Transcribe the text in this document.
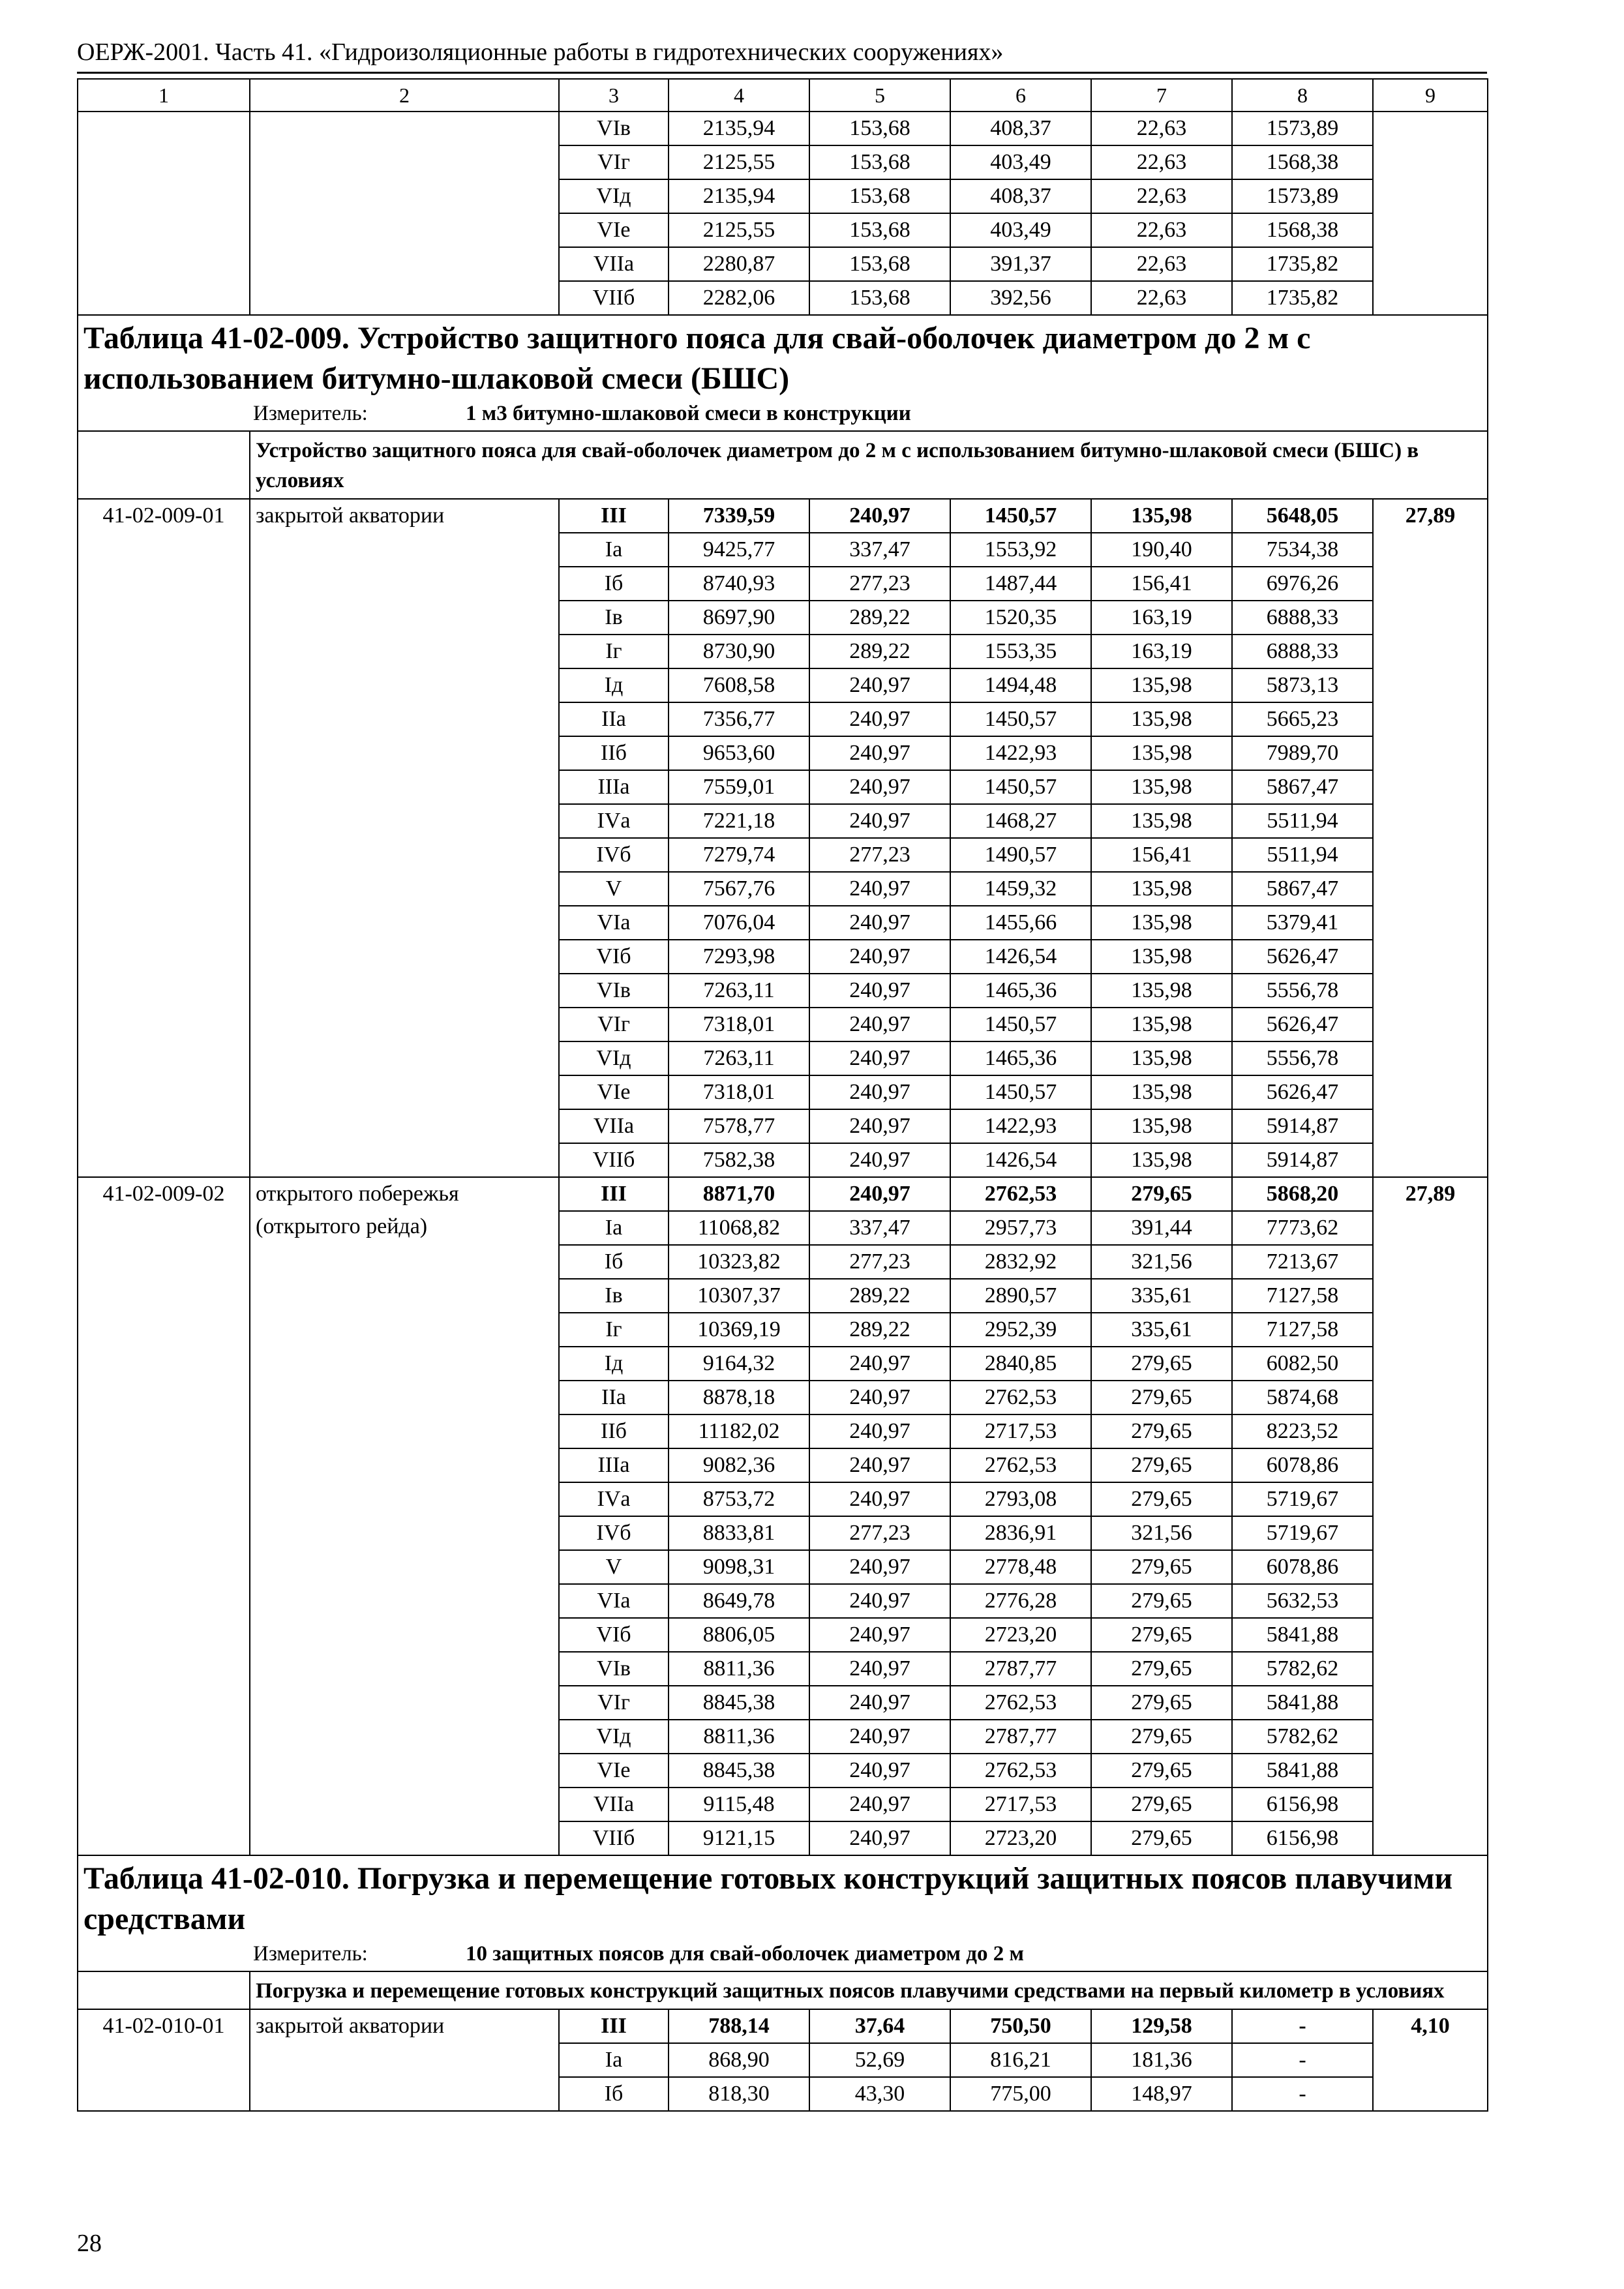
ОЕРЖ-2001. Часть 41. «Гидроизоляционные работы в гидротехнических сооружениях»
1	2	3	4	5	6	7	8	9
		VIв	2135,94	153,68	408,37	22,63	1573,89	
		VIг	2125,55	153,68	403,49	22,63	1568,38	
		VIд	2135,94	153,68	408,37	22,63	1573,89	
		VIе	2125,55	153,68	403,49	22,63	1568,38	
		VIIа	2280,87	153,68	391,37	22,63	1735,82	
		VIIб	2282,06	153,68	392,56	22,63	1735,82	
Таблица 41-02-009. Устройство защитного пояса для свай-оболочек диаметром до 2 м с использованием битумно-шлаковой смеси (БШС)								
Измеритель: 1 м3 битумно-шлаковой смеси в конструкции								
	Устройство защитного пояса для свай-оболочек диаметром до 2 м с использованием битумно-шлаковой смеси (БШС) в условиях							
41-02-009-01	закрытой акватории	III	7339,59	240,97	1450,57	135,98	5648,05	27,89
		Iа	9425,77	337,47	1553,92	190,40	7534,38	
		Iб	8740,93	277,23	1487,44	156,41	6976,26	
		Iв	8697,90	289,22	1520,35	163,19	6888,33	
		Iг	8730,90	289,22	1553,35	163,19	6888,33	
		Iд	7608,58	240,97	1494,48	135,98	5873,13	
		IIа	7356,77	240,97	1450,57	135,98	5665,23	
		IIб	9653,60	240,97	1422,93	135,98	7989,70	
		IIIа	7559,01	240,97	1450,57	135,98	5867,47	
		IVа	7221,18	240,97	1468,27	135,98	5511,94	
		IVб	7279,74	277,23	1490,57	156,41	5511,94	
		V	7567,76	240,97	1459,32	135,98	5867,47	
		VIа	7076,04	240,97	1455,66	135,98	5379,41	
		VIб	7293,98	240,97	1426,54	135,98	5626,47	
		VIв	7263,11	240,97	1465,36	135,98	5556,78	
		VIг	7318,01	240,97	1450,57	135,98	5626,47	
		VIд	7263,11	240,97	1465,36	135,98	5556,78	
		VIе	7318,01	240,97	1450,57	135,98	5626,47	
		VIIа	7578,77	240,97	1422,93	135,98	5914,87	
		VIIб	7582,38	240,97	1426,54	135,98	5914,87	
41-02-009-02	открытого побережья (открытого рейда)	III	8871,70	240,97	2762,53	279,65	5868,20	27,89
		Iа	11068,82	337,47	2957,73	391,44	7773,62	
		Iб	10323,82	277,23	2832,92	321,56	7213,67	
		Iв	10307,37	289,22	2890,57	335,61	7127,58	
		Iг	10369,19	289,22	2952,39	335,61	7127,58	
		Iд	9164,32	240,97	2840,85	279,65	6082,50	
		IIа	8878,18	240,97	2762,53	279,65	5874,68	
		IIб	11182,02	240,97	2717,53	279,65	8223,52	
		IIIа	9082,36	240,97	2762,53	279,65	6078,86	
		IVа	8753,72	240,97	2793,08	279,65	5719,67	
		IVб	8833,81	277,23	2836,91	321,56	5719,67	
		V	9098,31	240,97	2778,48	279,65	6078,86	
		VIа	8649,78	240,97	2776,28	279,65	5632,53	
		VIб	8806,05	240,97	2723,20	279,65	5841,88	
		VIв	8811,36	240,97	2787,77	279,65	5782,62	
		VIг	8845,38	240,97	2762,53	279,65	5841,88	
		VIд	8811,36	240,97	2787,77	279,65	5782,62	
		VIе	8845,38	240,97	2762,53	279,65	5841,88	
		VIIа	9115,48	240,97	2717,53	279,65	6156,98	
		VIIб	9121,15	240,97	2723,20	279,65	6156,98	
Таблица 41-02-010. Погрузка и перемещение готовых конструкций защитных поясов плавучими средствами								
Измеритель: 10 защитных поясов для свай-оболочек диаметром до 2 м								
	Погрузка и перемещение готовых конструкций защитных поясов плавучими средствами на первый километр в условиях							
41-02-010-01	закрытой акватории	III	788,14	37,64	750,50	129,58	-	4,10
		Iа	868,90	52,69	816,21	181,36	-	
		Iб	818,30	43,30	775,00	148,97	-	
28
